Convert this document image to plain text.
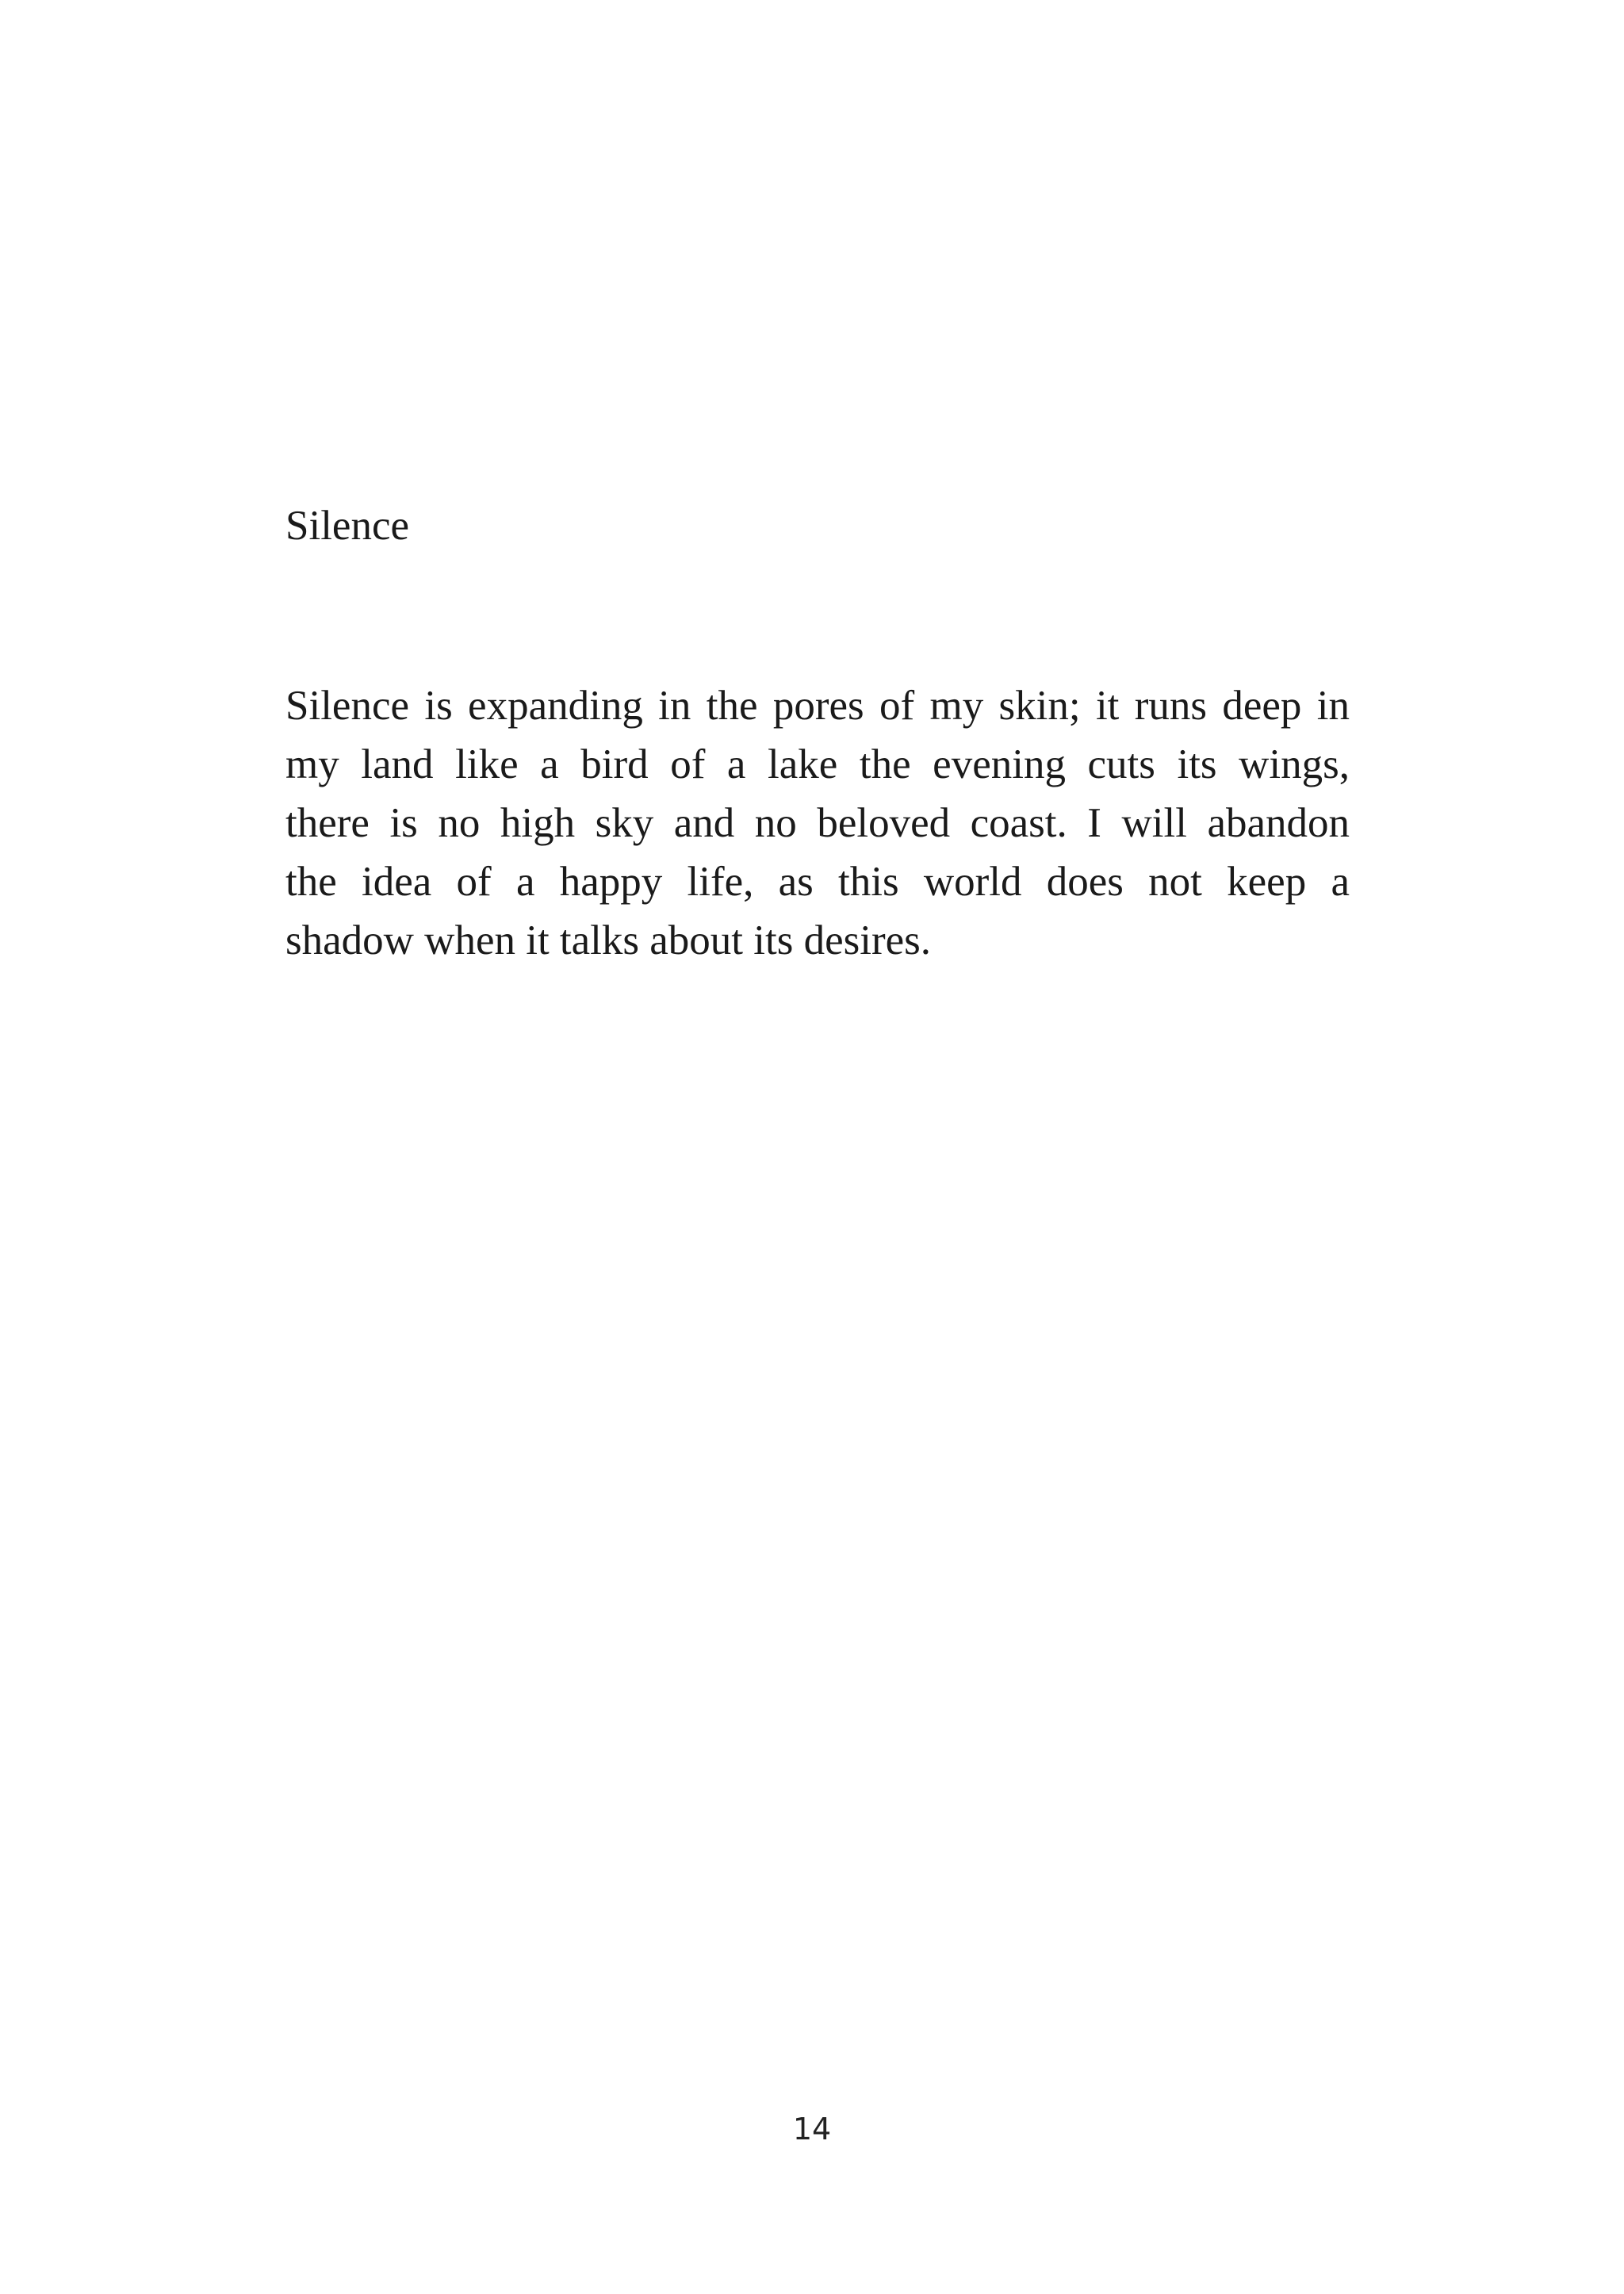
Silence

Silence is expanding in the pores of my skin; it runs deep in
my land like a bird of a lake the evening cuts its wings,
there is no high sky and no beloved coast. I will abandon
the idea of a happy life, as this world does not keep a
shadow when it talks about its desires.

14
